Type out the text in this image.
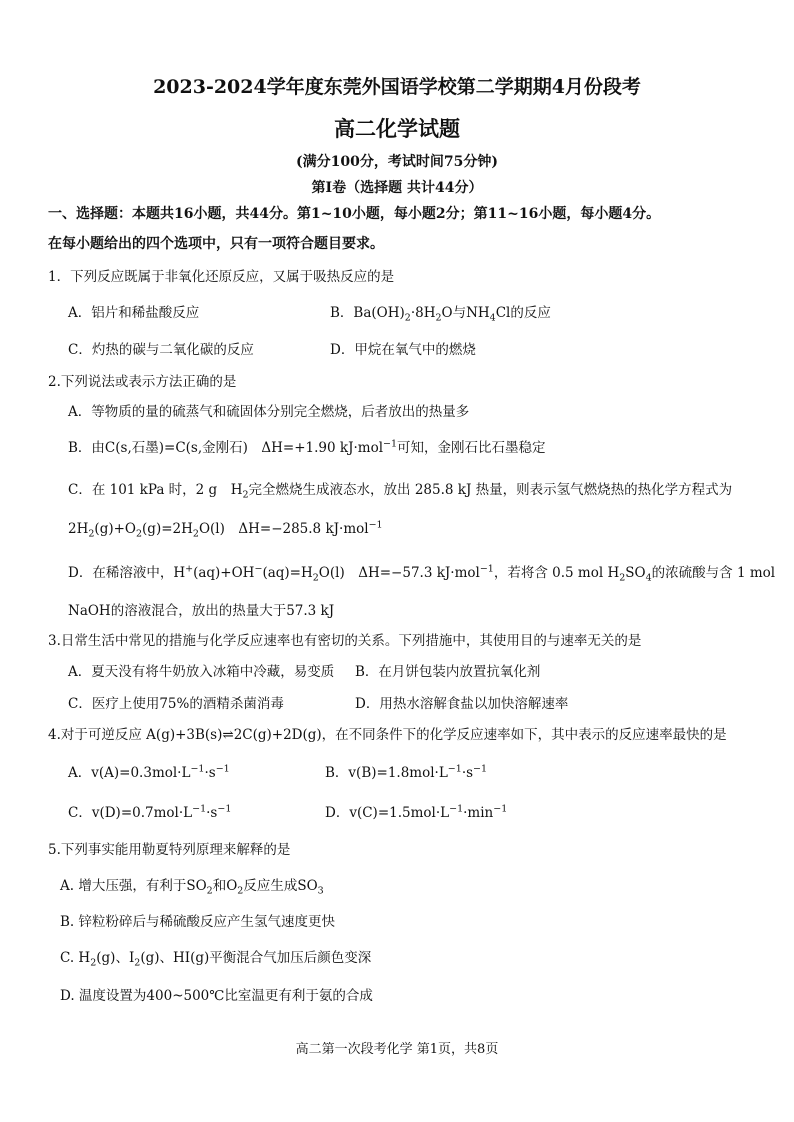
2023-2024学年度东莞外国语学校第二学期期4月份段考
高二化学试题
(满分100分，考试时间75分钟)
第Ⅰ卷（选择题 共计44分）
一、选择题：本题共16小题，共44分。第1~10小题，每小题2分；第11~16小题，每小题4分。
在每小题给出的四个选项中，只有一项符合题目要求。
1．下列反应既属于非氧化还原反应，又属于吸热反应的是
A．铝片和稀盐酸反应	B．$Ba(OH)_2\cdot 8H_2O$与$NH_4Cl$的反应
C．灼热的碳与二氧化碳的反应	D．甲烷在氧气中的燃烧
2.下列说法或表示方法正确的是
A．等物质的量的硫蒸气和硫固体分别完全燃烧，后者放出的热量多
B．由C(s,石墨)=C(s,金刚石)　ΔH=+1.90 kJ·mol$^{-1}$可知，金刚石比石墨稳定
C．在 101 kPa 时，2 g　$H_2$完全燃烧生成液态水，放出 285.8 kJ 热量，则表示氢气燃烧热的热化学方程式为
$2H_2(g)+O_2(g)=2H_2O(l)$　ΔH=−285.8 kJ·mol$^{-1}$
D．在稀溶液中，$H^+(aq)+OH^-(aq)=H_2O(l)$　ΔH=−57.3 kJ·mol$^{-1}$，若将含 0.5 mol $H_2SO_4$的浓硫酸与含 1 mol
NaOH的溶液混合，放出的热量大于57.3 kJ
3.日常生活中常见的措施与化学反应速率也有密切的关系。下列措施中，其使用目的与速率无关的是
A．夏天没有将牛奶放入冰箱中冷藏，易变质 B．在月饼包装内放置抗氧化剂
C．医疗上使用75%的酒精杀菌消毒	D．用热水溶解食盐以加快溶解速率
4.对于可逆反应 A(g)+3B(s)⇌2C(g)+2D(g)，在不同条件下的化学反应速率如下，其中表示的反应速率最快的是
A．$v(A)=0.3mol\cdot L^{-1}\cdot s^{-1}$	B．$v(B)=1.8mol\cdot L^{-1}\cdot s^{-1}$
C．$v(D)=0.7mol\cdot L^{-1}\cdot s^{-1}$	D．$v(C)=1.5mol\cdot L^{-1}\cdot\min^{-1}$
5.下列事实能用勒夏特列原理来解释的是
A. 增大压强，有利于$SO_2$和$O_2$反应生成$SO_3$
B. 锌粒粉碎后与稀硫酸反应产生氢气速度更快
C. $H_2(g)$、$I_2(g)$、HI(g)平衡混合气加压后颜色变深
D. 温度设置为400~500℃比室温更有利于氨的合成
高二第一次段考化学 第1页，共8页
